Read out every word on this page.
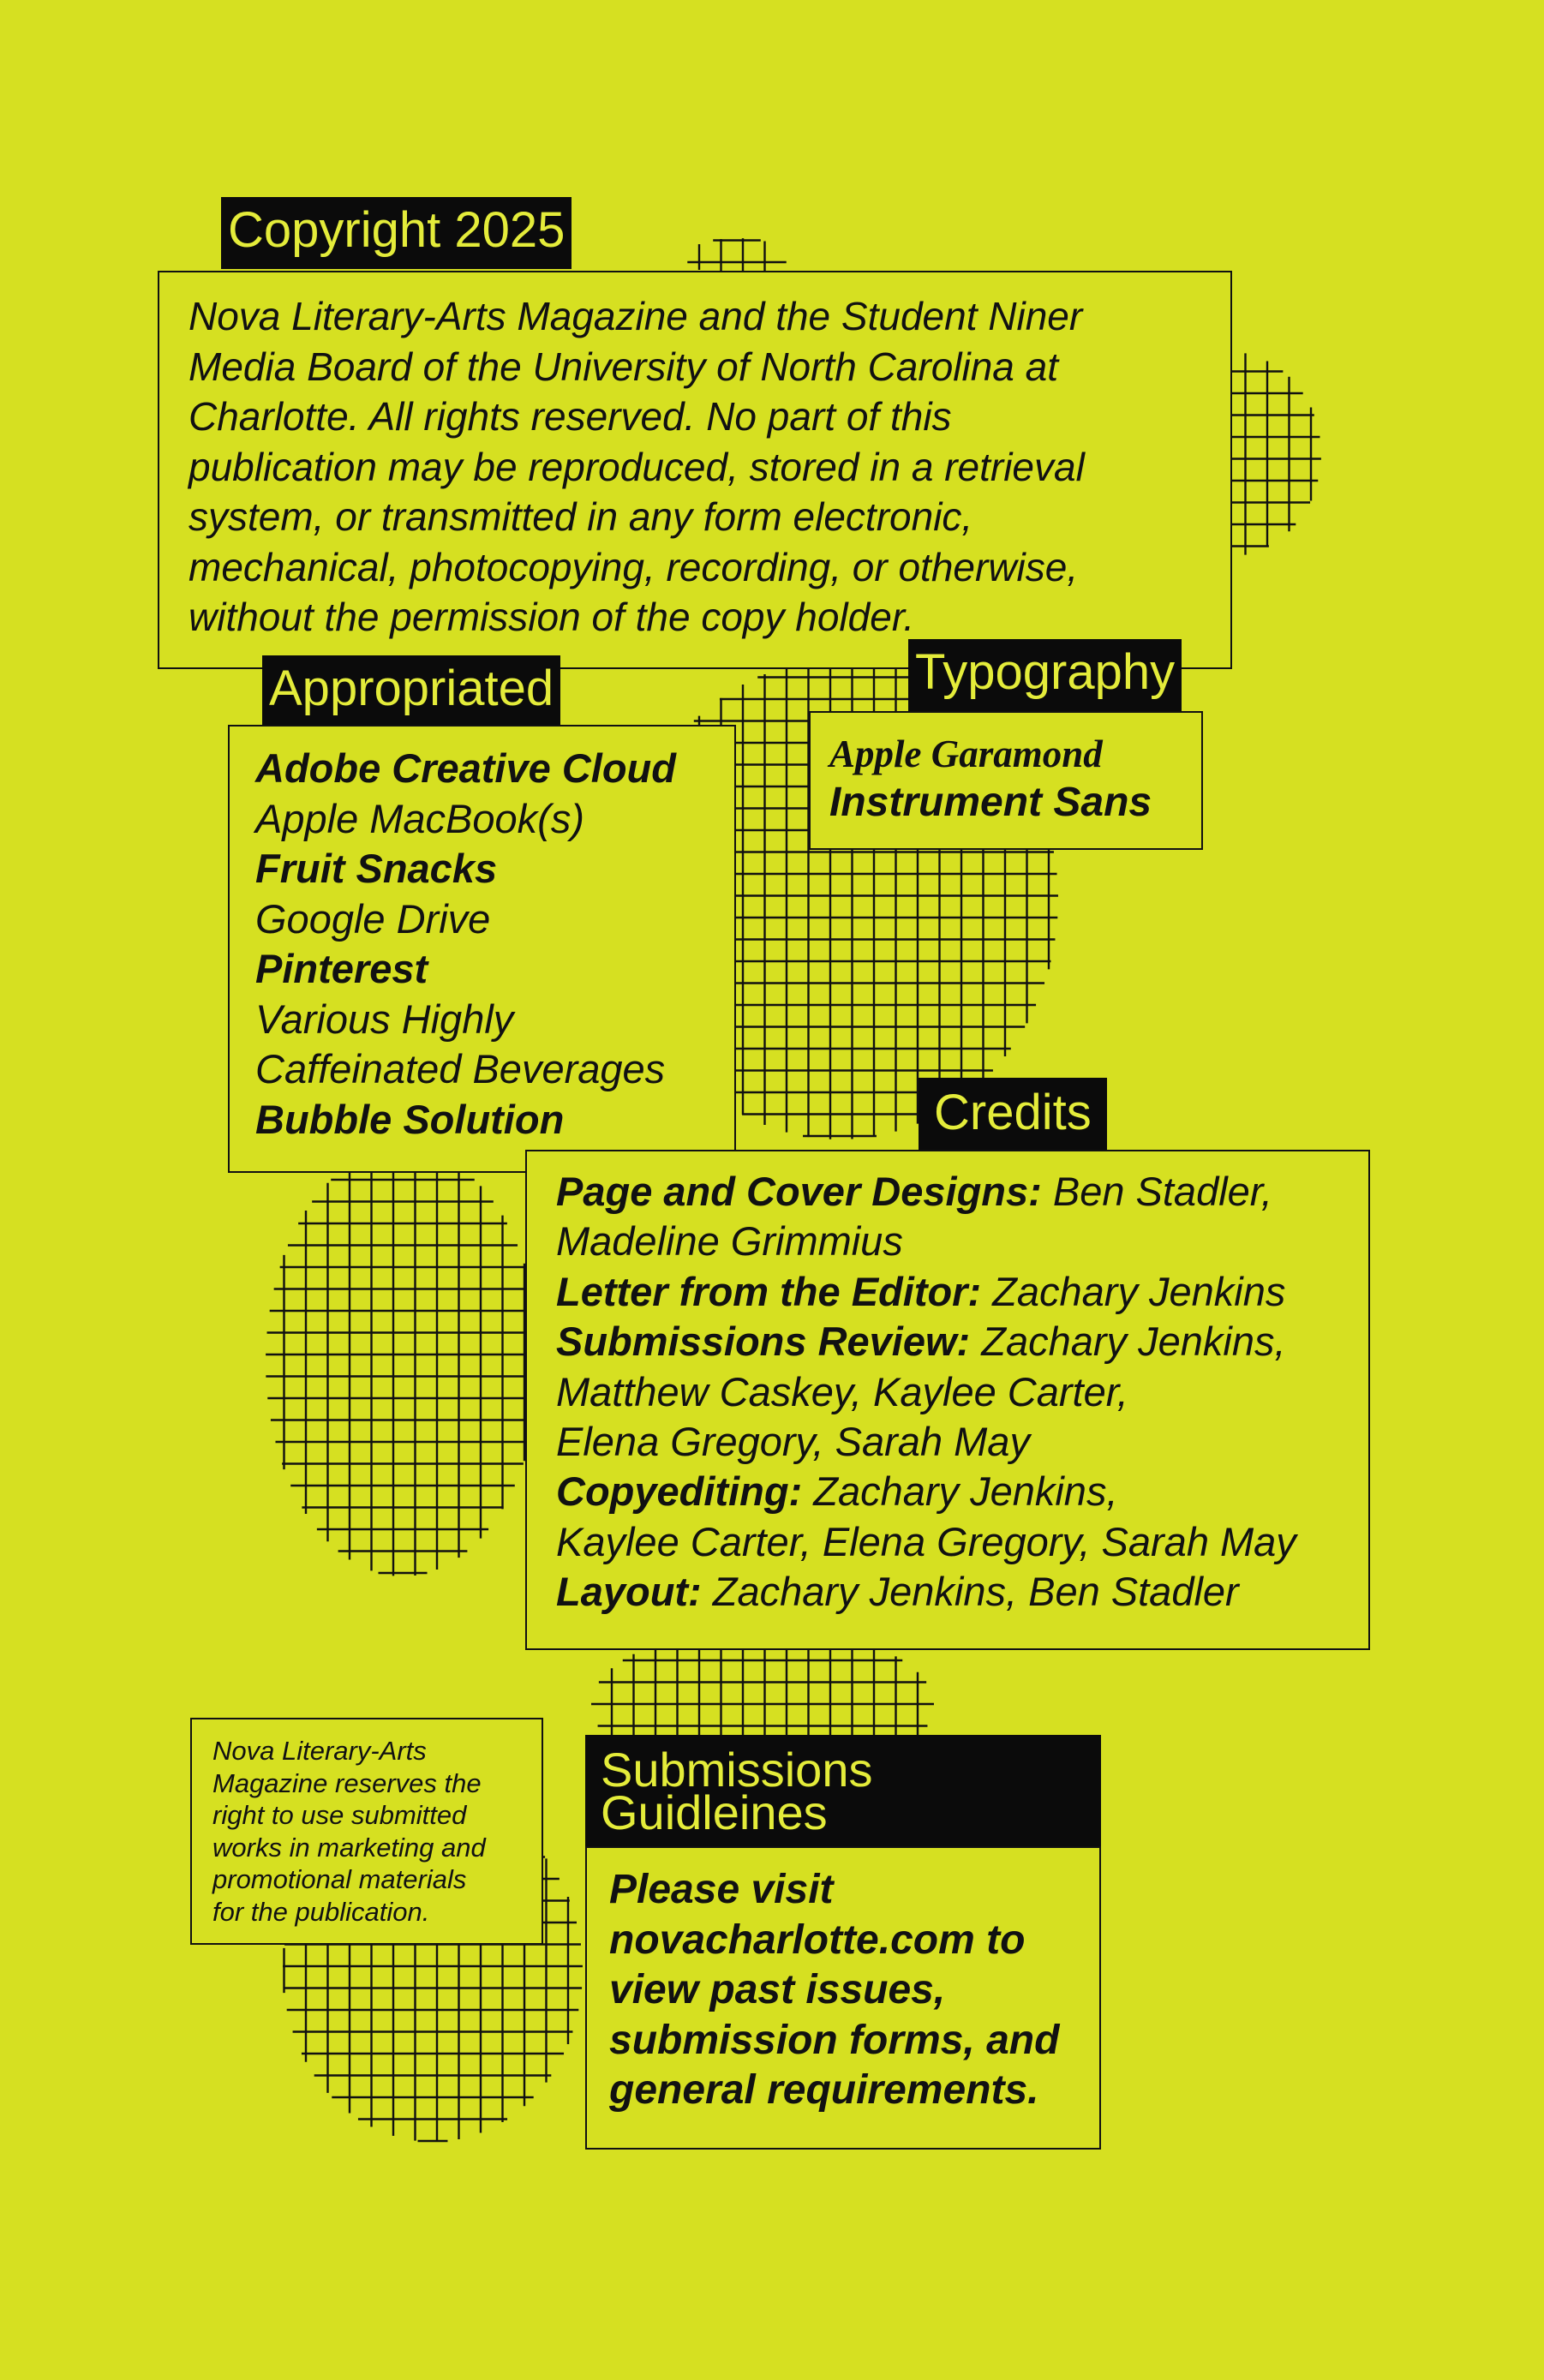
Copyright 2025
Nova Literary-Arts Magazine and the Student Niner
Media Board of the University of North Carolina at
Charlotte. All rights reserved. No part of this
publication may be reproduced, stored in a retrieval
system, or transmitted in any form electronic,
mechanical, photocopying, recording, or otherwise,
without the permission of the copy holder.
Appropriated
Adobe Creative Cloud
Apple MacBook(s)
Fruit Snacks
Google Drive
Pinterest
Various Highly
Caffeinated Beverages
Bubble Solution
Typography
Apple Garamond
Instrument Sans
Credits
Page and Cover Designs: Ben Stadler,
Madeline Grimmius
Letter from the Editor: Zachary Jenkins
Submissions Review: Zachary Jenkins,
Matthew Caskey, Kaylee Carter,
Elena Gregory, Sarah May
Copyediting: Zachary Jenkins,
Kaylee Carter, Elena Gregory, Sarah May
Layout: Zachary Jenkins, Ben Stadler
Nova Literary-Arts
Magazine reserves the
right to use submitted
works in marketing and
promotional materials
for the publication.
Submissions
Guidleines
Please visit
novacharlotte.com to
view past issues,
submission forms, and
general requirements.
